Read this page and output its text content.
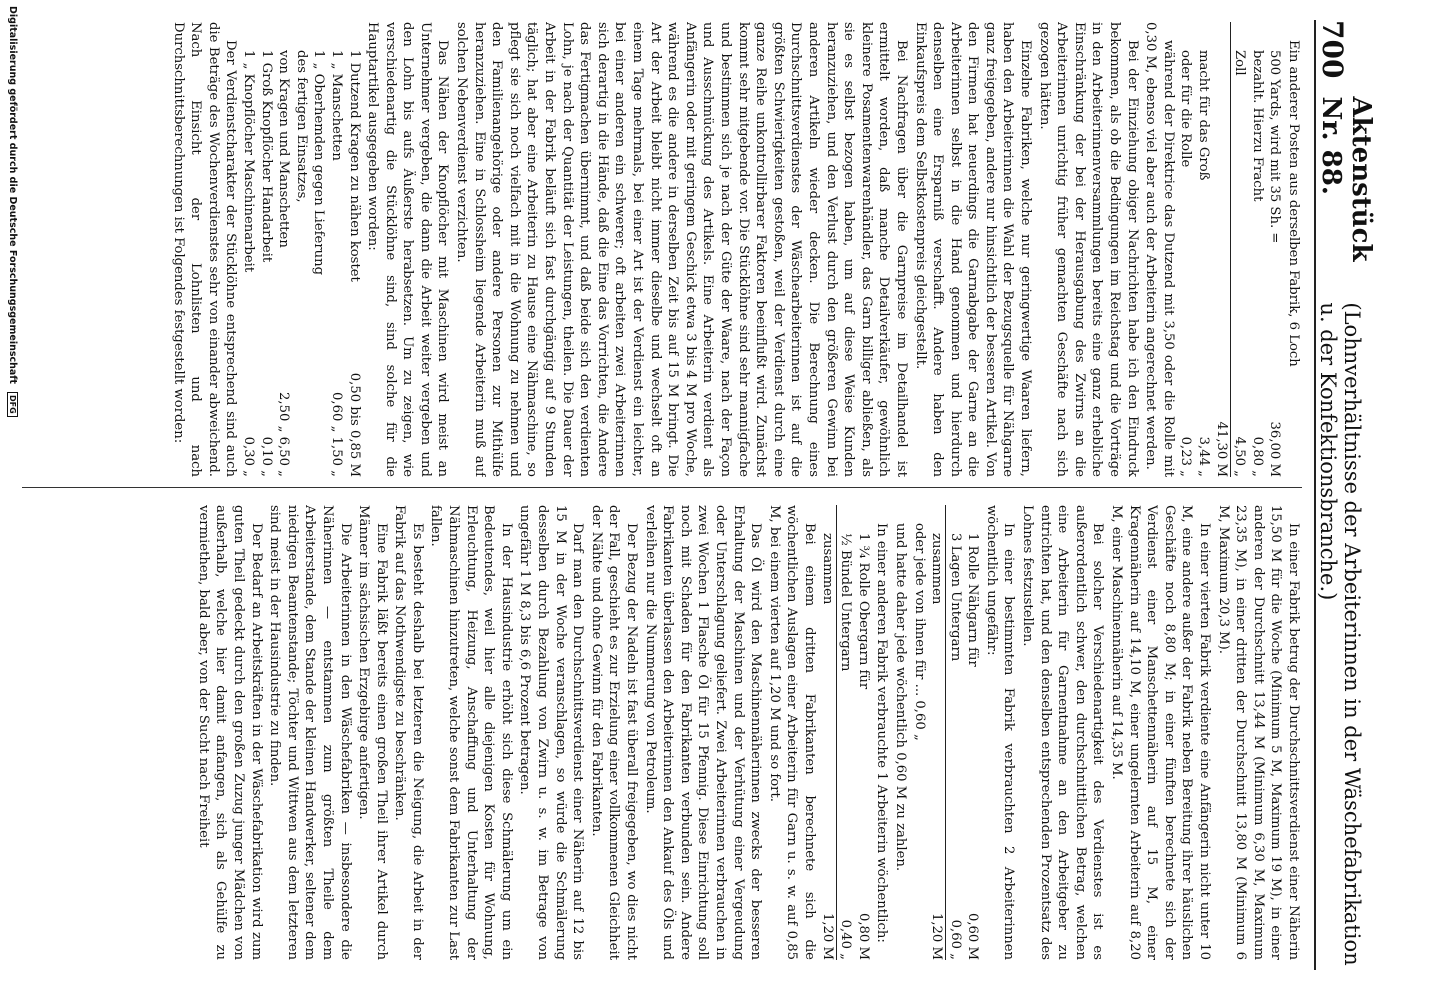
700
Aktenstück Nr. 88.
(Lohnverhältnisse der Arbeiterinnen in der Wäschefabrikation u. der Konfektionsbranche.)

Ein anderer Posten aus derselben Fabrik, 6 Loch

500 Yards, wird mit 35 Sh. =
36,00 M
bezahlt. Hierzu Fracht
0,80 „
Zoll
4,50 „
41,30 M
macht für das Groß
3,44 „
oder für die Rolle
0,23 „

während der Direktrice das Dutzend mit 3,50 oder die Rolle mit 0,30 M, ebenso viel aber auch der Arbeiterin angerechnet werden.

Bei der Einziehung obiger Nachrichten habe ich den Eindruck bekommen, als ob die Bedingungen im Reichstag und die Vorträge in den Arbeiterinnenversammlungen bereits eine ganz erhebliche Einschränkung der bei der Herausgabung des Zwirns an die Arbeiterinnen unrichtig früher gemachten Geschäfte nach sich gezogen hätten.

Einzelne Fabriken, welche nur geringwertige Waaren liefern, haben den Arbeiterinnen die Wahl der Bezugsquelle für Nähgarne ganz freigegeben, andere nur hinsichtlich der besseren Artikel. Von den Firmen hat neuerdings die Garnabgabe der Garne an die Arbeiterinnen selbst in die Hand genommen und hierdurch denselben eine Ersparniß verschafft. Andere haben den Einkaufspreis dem Selbstkostenpreis gleichgestellt.

Bei Nachfragen über die Garnpreise im Detailhandel ist ermittelt worden, daß manche Detailverkäufer, gewöhnlich kleinere Posamentenwarenhändler, das Garn billiger abließen, als sie es selbst bezogen haben, um auf diese Weise Kunden heranzuziehen, und den Verlust durch den größeren Gewinn bei anderen Artikeln wieder decken. Die Berechnung eines Durchschnittsverdienstes der Wäschearbeiterinnen ist auf die größten Schwierigkeiten gestoßen, weil der Verdienst durch eine ganze Reihe unkontrollirbarer Faktoren beeinflußt wird. Zunächst kommt sehr mitgebende vor. Die Stücklöhne sind sehr mannigfache und bestimmen sich je nach der Güte der Waare, nach der Façon und Ausschmückung des Artikels. Eine Arbeiterin verdient als Anfängerin oder mit geringem Geschick etwa 3 bis 4 M pro Woche, während es die andere in derselben Zeit bis auf 15 M bringt. Die Art der Arbeit bleibt nicht immer dieselbe und wechselt oft an einem Tage mehrmals, bei einer Art ist der Verdienst ein leichter, bei einer anderen ein schwerer; oft arbeiten zwei Arbeiterinnen sich derartig in die Hände, daß die Eine das Vorrichten, die Andere das Fertigmachen übernimmt, und daß beide sich den verdienten Lohn, je nach der Quantität der Leistungen, theilen. Die Dauer der Arbeit in der Fabrik beläuft sich fast durchgängig auf 9 Stunden täglich; hat aber eine Arbeiterin zu Hause eine Nähmaschine, so pflegt sie sich noch vielfach mit in die Wohnung zu nehmen und den Familienangehörige oder andere Personen zur Mithülfe heranzuziehen. Eine in Schlossheim liegende Arbeiterin muß auf solchen Nebenverdienst verzichten.

Das Nähen der Knopflöcher mit Maschinen wird meist an Unternehmer vergeben, die dann die Arbeit weiter vergeben und den Lohn bis aufs Äußerste herabsetzen. Um zu zeigen, wie verschiedenartig die Stücklöhne sind, sind solche für die Hauptartikel ausgegeben worden:

1 Dutzend Kragen zu nähen kostet
0,50 bis 0,85 M
1 „ Manschetten
0,60 „ 1,50 „
1 „ Oberhemden gegen Lieferung
des fertigen Einsatzes,
von Kragen und Manschetten
2,50 „ 6,50 „
1 Groß Knopflöcher Handarbeit
0,10 „
1 „ Knopflöcher Maschinenarbeit
0,30 „

Der Verdienstcharakter der Stücklöhne entsprechend sind auch die Beträge des Wochenverdienstes sehr von einander abweichend. Nach Einsicht der Lohnlisten und nach Durchschnittsberechnungen ist Folgendes festgestellt worden:

In einer Fabrik betrug der Durchschnittsverdienst einer Näherin 15,50 M für die Woche (Minimum 5 M, Maximum 19 M), in einer anderen der Durchschnitt 13,44 M (Minimum 6,30 M, Maximum 23,35 M), in einer dritten der Durchschnitt 13,80 M (Minimum 6 M, Maximum 20,3 M).

In einer vierten Fabrik verdiente eine Anfängerin nicht unter 10 M, eine andere außer der Fabrik neben Bereitung ihrer häuslichen Geschäfte noch 8,80 M; in einer fünften berechnete sich der Verdienst einer Manschettennäherin auf 15 M, einer Kragennäherin auf 14,10 M, einer ungelernten Arbeiterin auf 8,20 M, einer Maschinennäherin auf 14,35 M.

Bei solcher Verschiedenartigkeit des Verdienstes ist es außerordentlich schwer, den durchschnittlichen Betrag, welchen eine Arbeiterin für Garnentnahme an den Arbeitgeber zu entrichten hat, und den denselben entsprechenden Prozentsatz des Lohnes festzustellen.

In einer bestimmten Fabrik verbrauchten 2 Arbeiterinnen wöchentlich ungefähr:

1 Rolle Nähgarn für
0,60 M
3 Lagen Untergarn
0,60 „
zusammen
1,20 M

oder jede von ihnen für ... 0,60 „

und hatte daher jede wöchentlich 0,60 M zu zahlen.

In einer anderen Fabrik verbrauchte 1 Arbeiterin wöchentlich:

1 ¾ Rolle Obergarn für
0,80 M
½ Bündel Untergarn
0,40 „
zusammen
1,20 M

Bei einem dritten Fabrikanten berechnete sich die wöchentlichen Auslagen einer Arbeiterin für Garn u. s. w. auf 0,85 M, bei einem vierten auf 1,20 M und so fort.

Das Öl wird den Maschinennäherinnen zwecks der besseren Erhaltung der Maschinen und der Verhütung einer Vergeudung oder Unterschlagung geliefert. Zwei Arbeiterinnen verbrauchen in zwei Wochen 1 Flasche Öl für 15 Pfennig. Diese Einrichtung soll noch mit Schaden für den Fabrikanten verbunden sein. Andere Fabrikanten überlassen den Arbeiterinnen den Ankauf des Öls und verleihen nur die Nummerung von Petroleum.

Der Bezug der Nadeln ist fast überall freigegeben, wo dies nicht der Fall, geschieht es zur Erzielung einer vollkommenen Gleichheit der Nähte und ohne Gewinn für den Fabrikanten.

Darf man den Durchschnittsverdienst einer Näherin auf 12 bis 15 M in der Woche veranschlagen, so würde die Schmälerung desselben durch Bezahlung von Zwirn u. s. w. im Betrage von ungefähr 1 M 8,3 bis 6,6 Prozent betragen.

In der Hausindustrie erhöht sich diese Schmälerung um ein Bedeutendes, weil hier alle diejenigen Kosten für Wohnung, Erleuchtung, Heizung, Anschaffung und Unterhaltung der Nähmaschinen hinzutreten, welche sonst dem Fabrikanten zur Last fallen.

Es besteht deshalb bei letzteren die Neigung, die Arbeit in der Fabrik auf das Nothwendigste zu beschränken.

Eine Fabrik läßt bereits einen großen Theil ihrer Artikel durch Männer im sächsischen Erzgebirge anfertigen.

Die Arbeiterinnen in den Wäschefabriken — insbesondere die Näherinnen — entstammen zum größten Theile dem Arbeiterstande, dem Stande der kleinen Handwerker, seltener dem niedrigen Beamtenstande; Töchter und Wittwen aus dem letzteren sind meist in der Hausindustrie zu finden.

Der Bedarf an Arbeitskräften in der Wäschefabrikation wird zum guten Theil gedeckt durch den großen Zuzug junger Mädchen von außerhalb, welche hier damit anfangen, sich als Gehülfe zu vermiethen, bald aber, von der Sucht nach Freiheit

Digitalisierung gefördert durch die Deutsche Forschungsgemeinschaft
DFG
